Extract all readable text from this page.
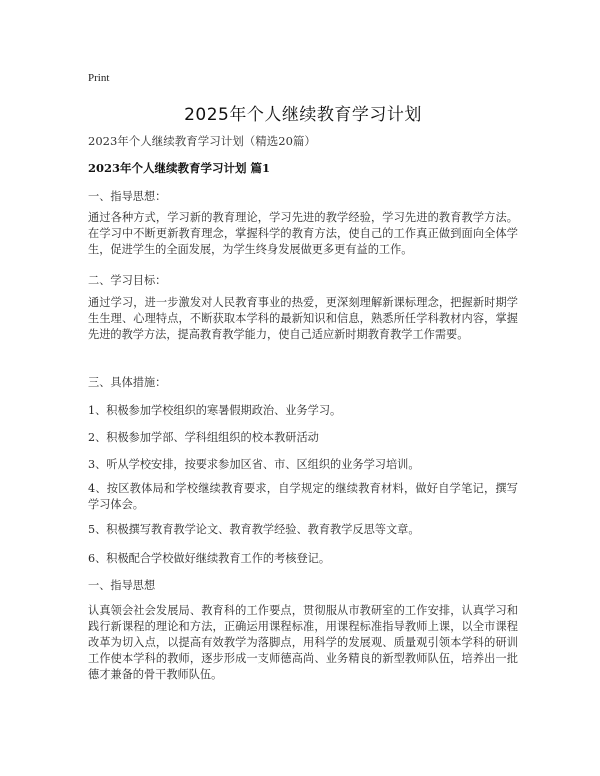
Print
2025年个人继续教育学习计划
2023年个人继续教育学习计划（精选20篇）
2023年个人继续教育学习计划 篇1
一、指导思想：
通过各种方式，学习新的教育理论，学习先进的教学经验，学习先进的教育教学方法。在学习中不断更新教育理念，掌握科学的教育方法，使自己的工作真正做到面向全体学生，促进学生的全面发展，为学生终身发展做更多更有益的工作。
二、学习目标：
通过学习，进一步激发对人民教育事业的热爱，更深刻理解新课标理念，把握新时期学生生理、心理特点，不断获取本学科的最新知识和信息，熟悉所任学科教材内容，掌握先进的教学方法，提高教育教学能力，使自己适应新时期教育教学工作需要。
三、具体措施：
1、积极参加学校组织的寒暑假期政治、业务学习。
2、积极参加学部、学科组组织的校本教研活动
3、听从学校安排，按要求参加区省、市、区组织的业务学习培训。
4、按区教体局和学校继续教育要求，自学规定的继续教育材料，做好自学笔记，撰写学习体会。
5、积极撰写教育教学论文、教育教学经验、教育教学反思等文章。
6、积极配合学校做好继续教育工作的考核登记。
一、指导思想
认真领会社会发展局、教育科的工作要点，贯彻服从市教研室的工作安排，认真学习和践行新课程的理论和方法，正确运用课程标准，用课程标准指导教师上课，以全市课程改革为切入点，以提高有效教学为落脚点，用科学的发展观、质量观引领本学科的研训工作使本学科的教师，逐步形成一支师德高尚、业务精良的新型教师队伍，培养出一批德才兼备的骨干教师队伍。
